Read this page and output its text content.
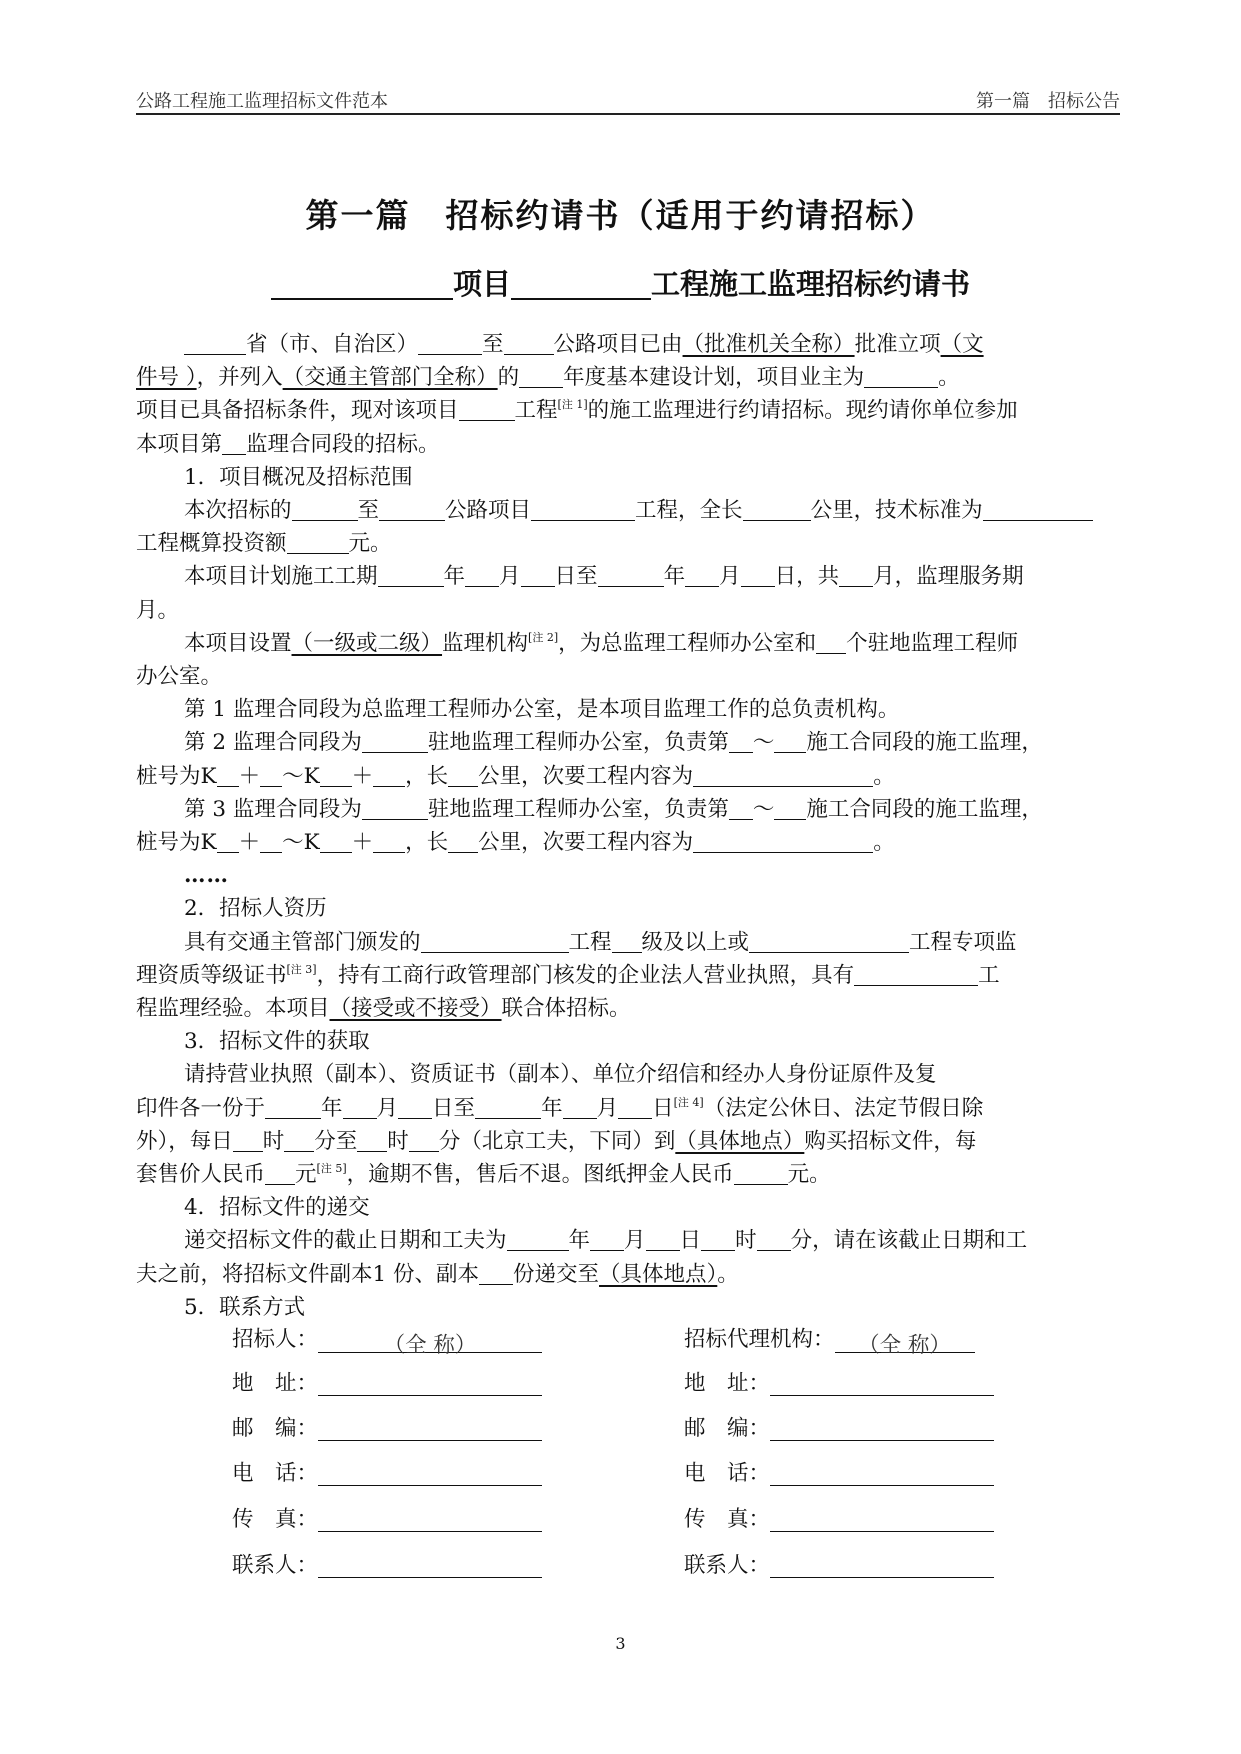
公路工程施工监理招标文件范本	第一篇　招标公告
第一篇　招标约请书（适用于约请招标）
项目	工程施工监理招标约请书

省（市、自治区）	至 公路项目已由（批准机关全称）批准立项（文

件号 ），并列入（交通主管部门全称）的 年度基本建设计划，项目业主为	。

项目已具备招标条件，现对该项目	工程[注 1]的施工监理进行约请招标。现约请你单位参加

本项目第 监理合同段的招标。

1．项目概况及招标范围

本次招标的	至	公路项目	工程，全长	公里，技术标准为

工程概算投资额	元。

本项目计划施工工期	年 月 日至	年 月 日，共 月，监理服务期

月。

本项目设置（一级或二级）监理机构[注 2]，为总监理工程师办公室和 个驻地监理工程师

办公室。

第 1 监理合同段为总监理工程师办公室，是本项目监理工作的总负责机构。

第 2 监理合同段为	驻地监理工程师办公室，负责第 ～ 施工合同段的施工监理，

桩号为K ＋ ～K ＋ ，长 公里，次要工程内容为	。

第 3 监理合同段为	驻地监理工程师办公室，负责第 ～ 施工合同段的施工监理，

桩号为K ＋ ～K ＋ ，长 公里，次要工程内容为	。

……

2．招标人资历

具有交通主管部门颁发的	工程 级及以上或	工程专项监

理资质等级证书[注 3]，持有工商行政管理部门核发的企业法人营业执照，具有	工

程监理经验。本项目（接受或不接受）联合体招标。

3．招标文件的获取

请持营业执照（副本）、资质证书（副本）、单位介绍信和经办人身份证原件及复

印件各一份于	年 月 日至	年 月 日[注 4]（法定公休日、法定节假日除

外），每日 时 分至 时 分（北京工夫，下同）到（具体地点）购买招标文件，每

套售价人民币 元[注 5]，逾期不售，售后不退。图纸押金人民币	元。

4．招标文件的递交

递交招标文件的截止日期和工夫为	年 月 日 时 分，请在该截止日期和工

夫之前，将招标文件副本1 份、副本 份递交至（具体地点）。

5．联系方式

招标人：	（全 称）	招标代理机构： （全 称）
地　址：	地　址：
邮　编：	邮　编：
电　话：	电　话：
传　真：	传　真：
联系人：	联系人：
3
